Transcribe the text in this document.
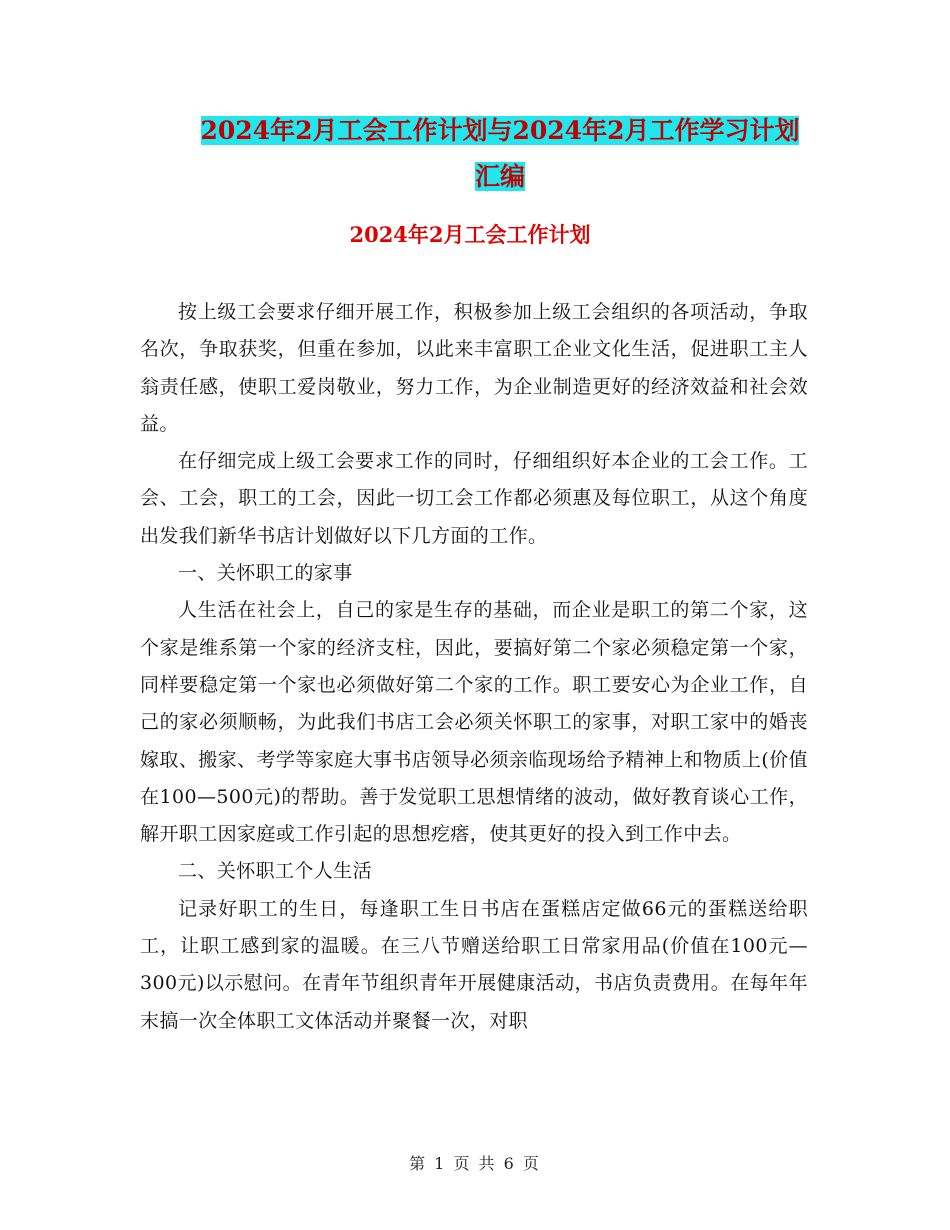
2024年2月工会工作计划与2024年2月工作学习计划
汇编
2024年2月工会工作计划

按上级工会要求仔细开展工作，积极参加上级工会组织的各项活动，争取名次，争取获奖，但重在参加，以此来丰富职工企业文化生活，促进职工主人翁责任感，使职工爱岗敬业，努力工作，为企业制造更好的经济效益和社会效益。

在仔细完成上级工会要求工作的同时，仔细组织好本企业的工会工作。工会、工会，职工的工会，因此一切工会工作都必须惠及每位职工，从这个角度出发我们新华书店计划做好以下几方面的工作。

一、关怀职工的家事

人生活在社会上，自己的家是生存的基础，而企业是职工的第二个家，这个家是维系第一个家的经济支柱，因此，要搞好第二个家必须稳定第一个家，同样要稳定第一个家也必须做好第二个家的工作。职工要安心为企业工作，自己的家必须顺畅，为此我们书店工会必须关怀职工的家事，对职工家中的婚丧嫁取、搬家、考学等家庭大事书店领导必须亲临现场给予精神上和物质上(价值在100—500元)的帮助。善于发觉职工思想情绪的波动，做好教育谈心工作，解开职工因家庭或工作引起的思想疙瘩，使其更好的投入到工作中去。

二、关怀职工个人生活

记录好职工的生日，每逢职工生日书店在蛋糕店定做66元的蛋糕送给职工，让职工感到家的温暖。在三八节赠送给职工日常家用品(价值在100元—300元)以示慰问。在青年节组织青年开展健康活动，书店负责费用。在每年年末搞一次全体职工文体活动并聚餐一次，对职

第 1 页 共 6 页
